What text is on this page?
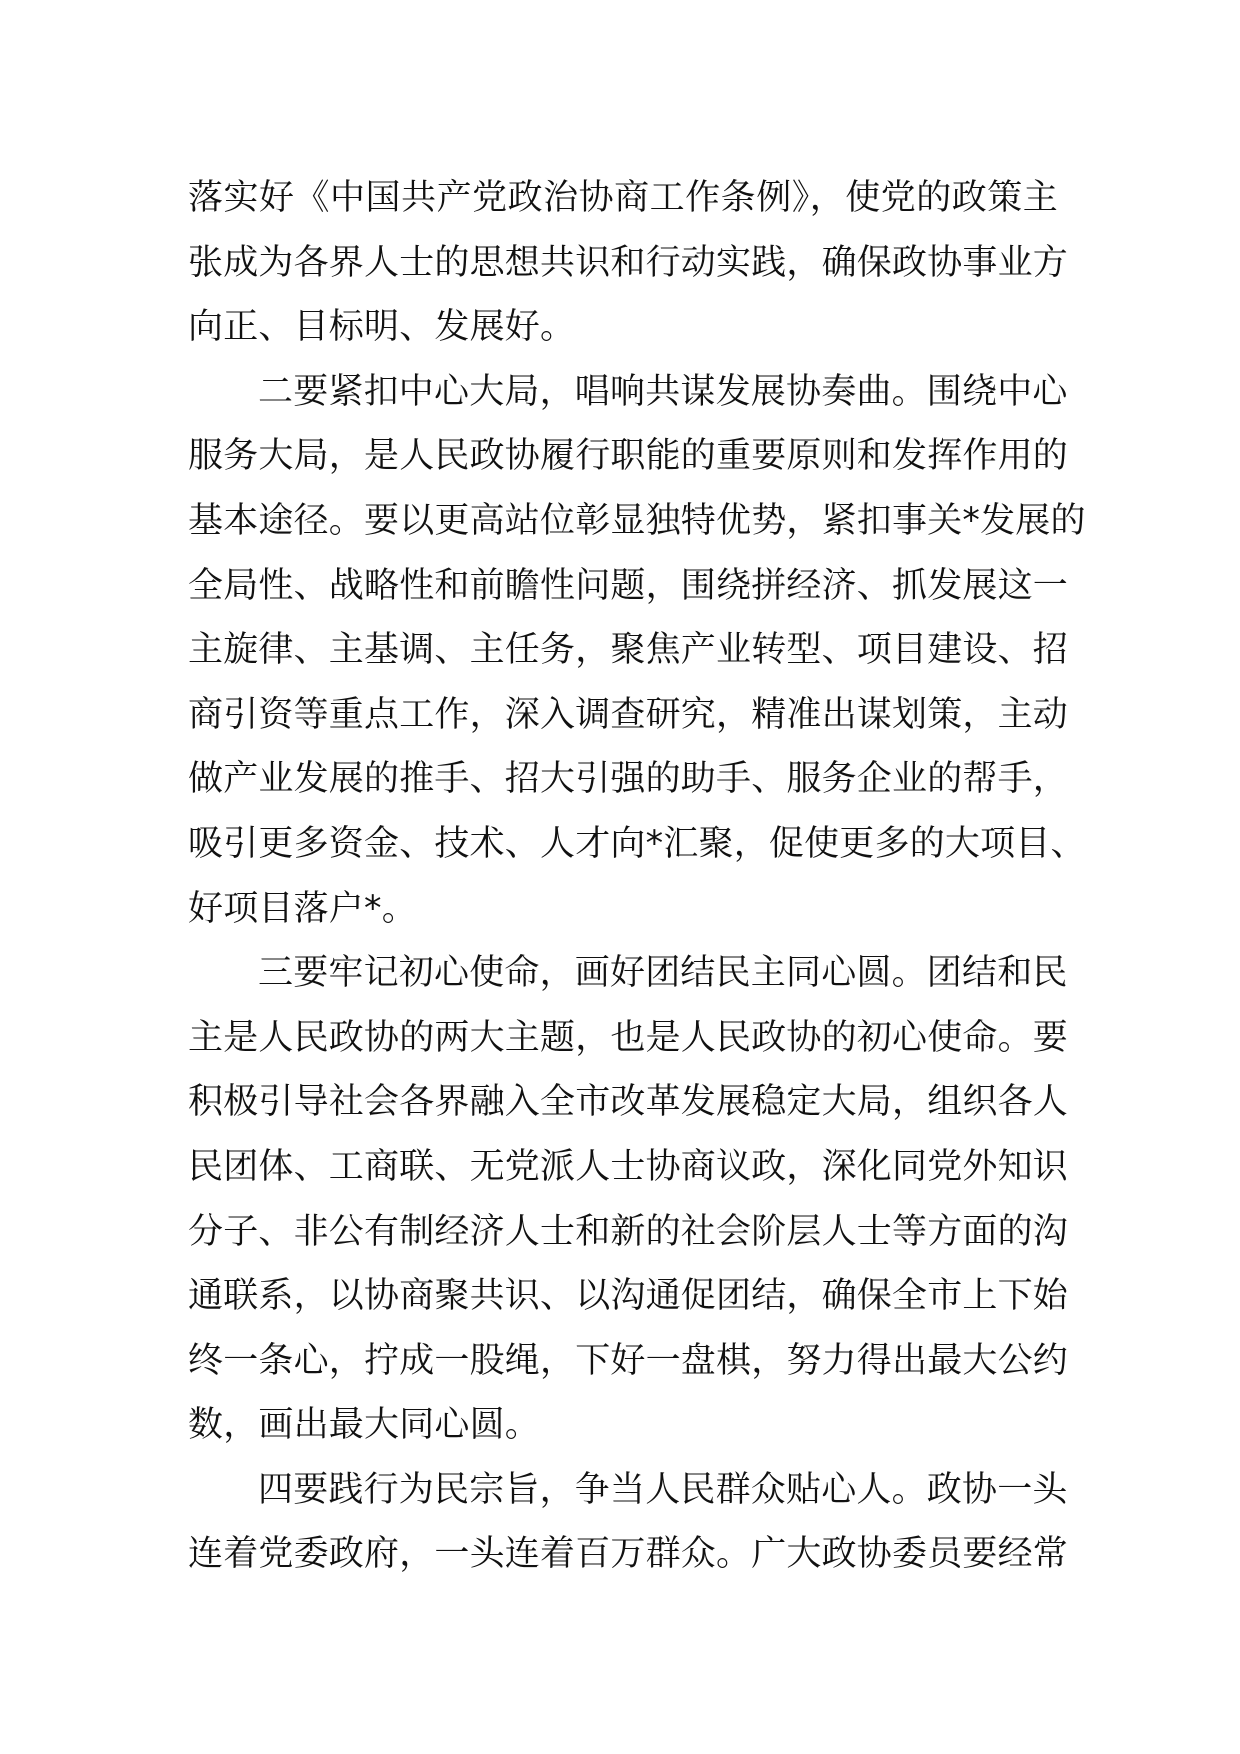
落实好《中国共产党政治协商工作条例》，使党的政策主
张成为各界人士的思想共识和行动实践，确保政协事业方
向正、目标明、发展好。
二要紧扣中心大局，唱响共谋发展协奏曲。围绕中心
服务大局，是人民政协履行职能的重要原则和发挥作用的
基本途径。要以更高站位彰显独特优势，紧扣事关*发展的
全局性、战略性和前瞻性问题，围绕拼经济、抓发展这一
主旋律、主基调、主任务，聚焦产业转型、项目建设、招
商引资等重点工作，深入调查研究，精准出谋划策，主动
做产业发展的推手、招大引强的助手、服务企业的帮手，
吸引更多资金、技术、人才向*汇聚，促使更多的大项目、
好项目落户*。
三要牢记初心使命，画好团结民主同心圆。团结和民
主是人民政协的两大主题，也是人民政协的初心使命。要
积极引导社会各界融入全市改革发展稳定大局，组织各人
民团体、工商联、无党派人士协商议政，深化同党外知识
分子、非公有制经济人士和新的社会阶层人士等方面的沟
通联系，以协商聚共识、以沟通促团结，确保全市上下始
终一条心，拧成一股绳，下好一盘棋，努力得出最大公约
数，画出最大同心圆。
四要践行为民宗旨，争当人民群众贴心人。政协一头
连着党委政府，一头连着百万群众。广大政协委员要经常
